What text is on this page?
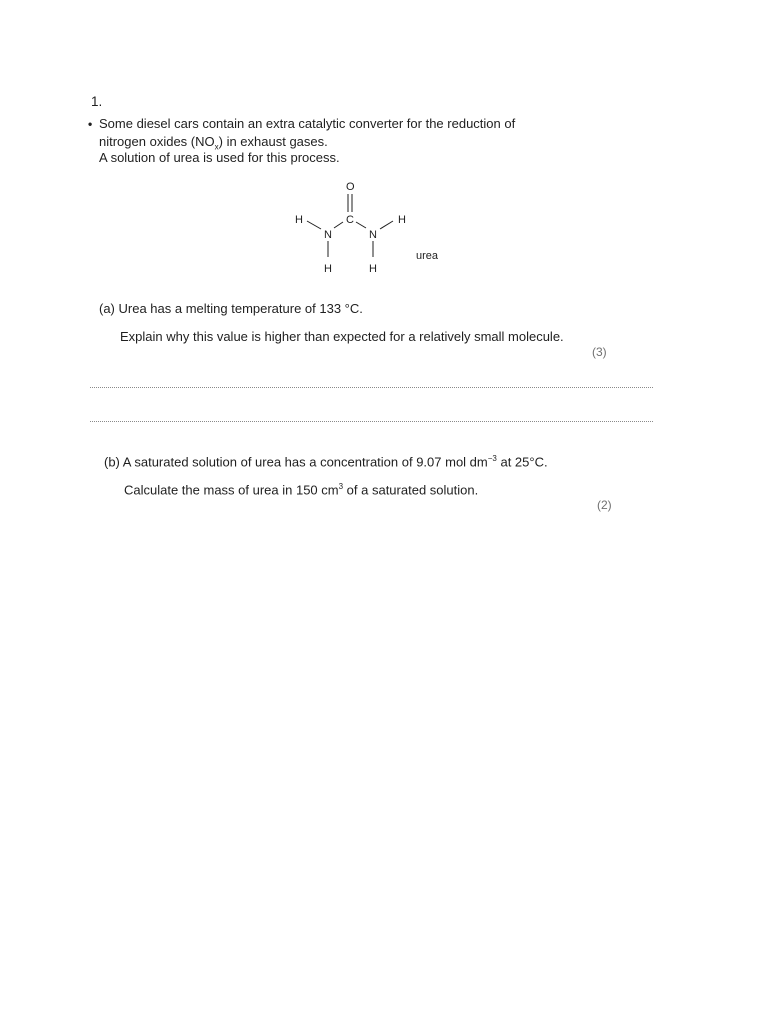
1.
• Some diesel cars contain an extra catalytic converter for the reduction of
nitrogen oxides $(NO_x)$ in exhaust gases.
A solution of urea is used for this process.
O
C
N	N
H	H
H	H
urea
(a) Urea has a melting temperature of 133 °C.
Explain why this value is higher than expected for a relatively small molecule.
(3)
(b) A saturated solution of urea has a concentration of 9.07 mol $dm^{-3}$ at 25°C.
Calculate the mass of urea in 150 $cm^3$ of a saturated solution.
(2)
